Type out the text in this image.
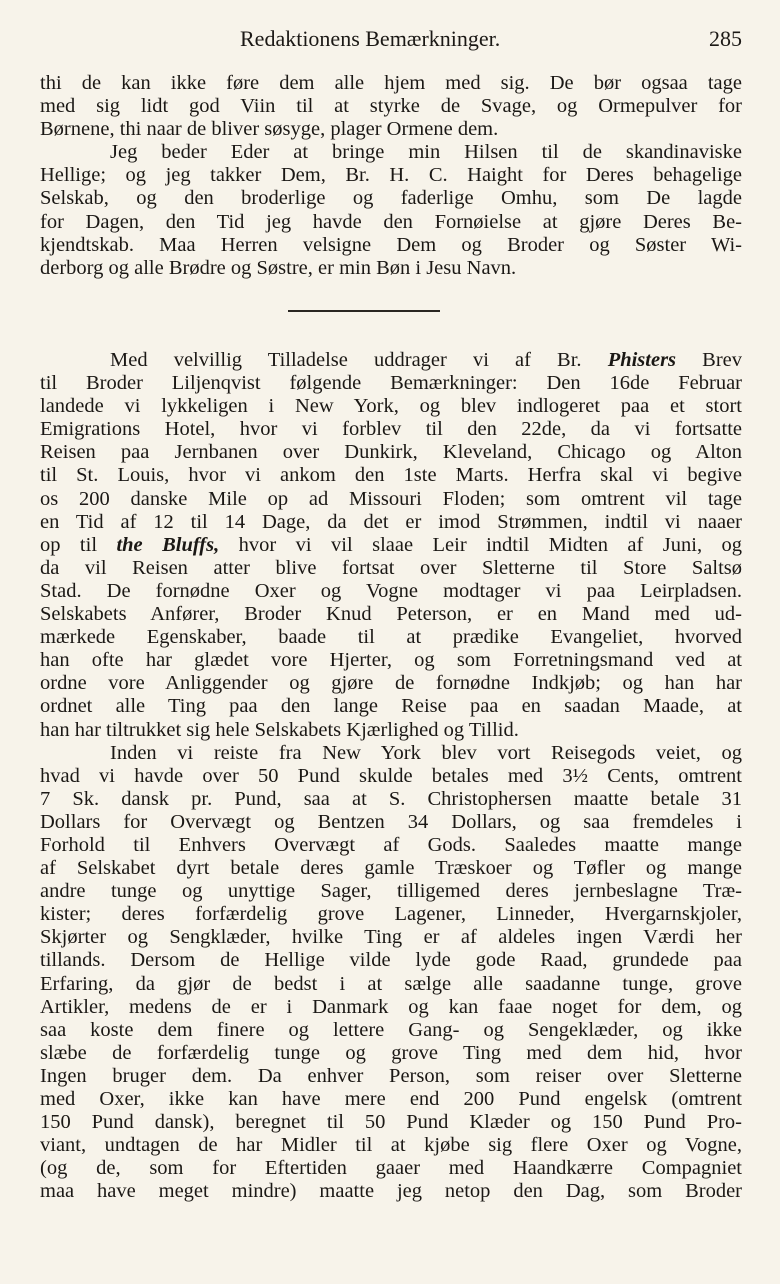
Redaktionens Bemærkninger.	285
thi de kan ikke føre dem alle hjem med sig. De bør ogsaa tage
med sig lidt god Viin til at styrke de Svage, og Ormepulver for
Børnene, thi naar de bliver søsyge, plager Ormene dem.
Jeg beder Eder at bringe min Hilsen til de skandinaviske
Hellige; og jeg takker Dem, Br. H. C. Haight for Deres behagelige
Selskab, og den broderlige og faderlige Omhu, som De lagde
for Dagen, den Tid jeg havde den Fornøielse at gjøre Deres Be-
kjendtskab. Maa Herren velsigne Dem og Broder og Søster Wi-
derborg og alle Brødre og Søstre, er min Bøn i Jesu Navn.
Med velvillig Tilladelse uddrager vi af Br. Phisters Brev
til Broder Liljenqvist følgende Bemærkninger: Den 16de Februar
landede vi lykkeligen i New York, og blev indlogeret paa et stort
Emigrations Hotel, hvor vi forblev til den 22de, da vi fortsatte
Reisen paa Jernbanen over Dunkirk, Kleveland, Chicago og Alton
til St. Louis, hvor vi ankom den 1ste Marts. Herfra skal vi begive
os 200 danske Mile op ad Missouri Floden; som omtrent vil tage
en Tid af 12 til 14 Dage, da det er imod Strømmen, indtil vi naaer
op til the Bluffs, hvor vi vil slaae Leir indtil Midten af Juni, og
da vil Reisen atter blive fortsat over Sletterne til Store Saltsø
Stad. De fornødne Oxer og Vogne modtager vi paa Leirpladsen.
Selskabets Anfører, Broder Knud Peterson, er en Mand med ud-
mærkede Egenskaber, baade til at prædike Evangeliet, hvorved
han ofte har glædet vore Hjerter, og som Forretningsmand ved at
ordne vore Anliggender og gjøre de fornødne Indkjøb; og han har
ordnet alle Ting paa den lange Reise paa en saadan Maade, at
han har tiltrukket sig hele Selskabets Kjærlighed og Tillid.
Inden vi reiste fra New York blev vort Reisegods veiet, og
hvad vi havde over 50 Pund skulde betales med 3½ Cents, omtrent
7 Sk. dansk pr. Pund, saa at S. Christophersen maatte betale 31
Dollars for Overvægt og Bentzen 34 Dollars, og saa fremdeles i
Forhold til Enhvers Overvægt af Gods. Saaledes maatte mange
af Selskabet dyrt betale deres gamle Træskoer og Tøfler og mange
andre tunge og unyttige Sager, tilligemed deres jernbeslagne Træ-
kister; deres forfærdelig grove Lagener, Linneder, Hvergarnskjoler,
Skjørter og Sengklæder, hvilke Ting er af aldeles ingen Værdi her
tillands. Dersom de Hellige vilde lyde gode Raad, grundede paa
Erfaring, da gjør de bedst i at sælge alle saadanne tunge, grove
Artikler, medens de er i Danmark og kan faae noget for dem, og
saa koste dem finere og lettere Gang- og Sengeklæder, og ikke
slæbe de forfærdelig tunge og grove Ting med dem hid, hvor
Ingen bruger dem. Da enhver Person, som reiser over Sletterne
med Oxer, ikke kan have mere end 200 Pund engelsk (omtrent
150 Pund dansk), beregnet til 50 Pund Klæder og 150 Pund Pro-
viant, undtagen de har Midler til at kjøbe sig flere Oxer og Vogne,
(og de, som for Eftertiden gaaer med Haandkærre Compagniet
maa have meget mindre) maatte jeg netop den Dag, som Broder
